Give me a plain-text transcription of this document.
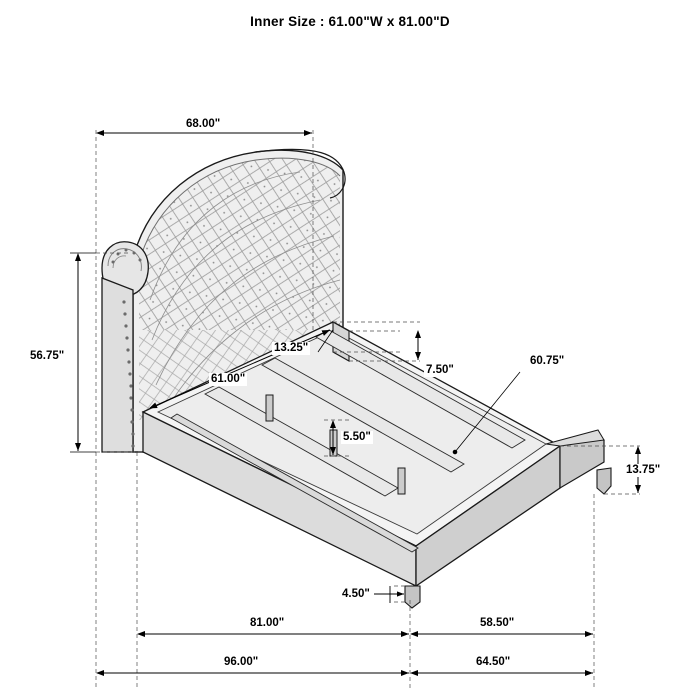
Inner Size : 61.00"W x 81.00"D
68.00"
56.75"
13.25"
61.00"
7.50"
5.50"
60.75"
13.75"
4.50"
81.00"	58.50"
96.00"	64.50"
